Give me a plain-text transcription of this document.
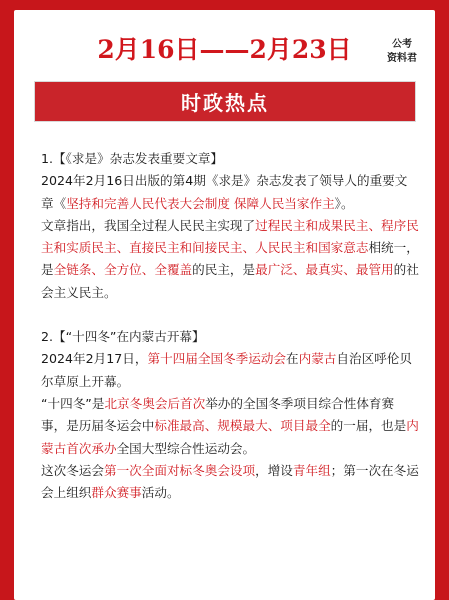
2月16日——2月23日	公考
资料君
时政热点

1.【《求是》杂志发表重要文章】

2024年2月16日出版的第4期《求是》杂志发表了领导人的重要文章《坚持和完善人民代表大会制度 保障人民当家作主》。

文章指出，我国全过程人民民主实现了过程民主和成果民主、程序民主和实质民主、直接民主和间接民主、人民民主和国家意志相统一，是全链条、全方位、全覆盖的民主，是最广泛、最真实、最管用的社会主义民主。

2.【“十四冬”在内蒙古开幕】

2024年2月17日，第十四届全国冬季运动会在内蒙古自治区呼伦贝尔草原上开幕。

“十四冬”是北京冬奥会后首次举办的全国冬季项目综合性体育赛事，是历届冬运会中标准最高、规模最大、项目最全的一届，也是内蒙古首次承办全国大型综合性运动会。

这次冬运会第一次全面对标冬奥会设项，增设青年组；第一次在冬运会上组织群众赛事活动。
